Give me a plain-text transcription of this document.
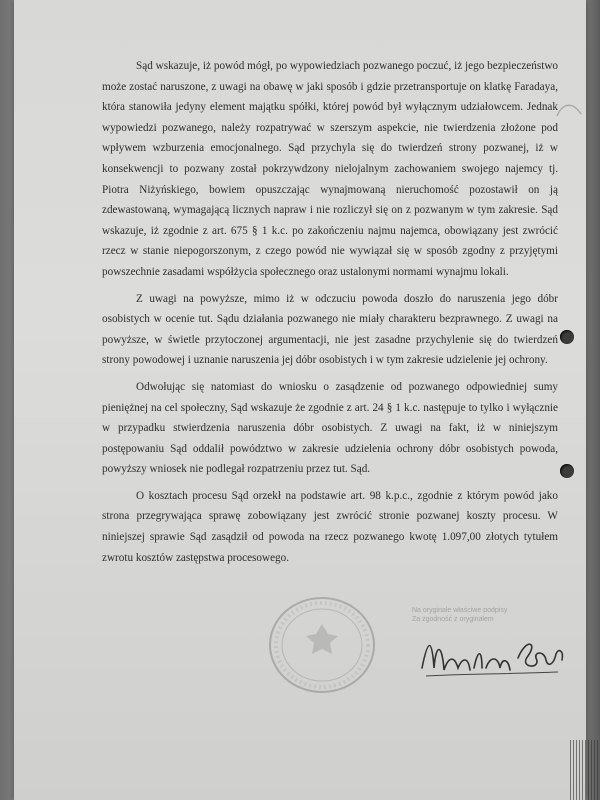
Sąd wskazuje, iż powód mógł, po wypowiedziach pozwanego poczuć, iż jego bezpieczeństwo może zostać naruszone, z uwagi na obawę w jaki sposób i gdzie przetransportuje on klatkę Faradaya, która stanowiła jedyny element majątku spółki, której powód był wyłącznym udziałowcem. Jednak wypowiedzi pozwanego, należy rozpatrywać w szerszym aspekcie, nie twierdzenia złożone pod wpływem wzburzenia emocjonalnego. Sąd przychyla się do twierdzeń strony pozwanej, iż w konsekwencji to pozwany został pokrzywdzony nielojalnym zachowaniem swojego najemcy tj. Piotra Niżyńskiego, bowiem opuszczając wynajmowaną nieruchomość pozostawił on ją zdewastowaną, wymagającą licznych napraw i nie rozliczył się on z pozwanym w tym zakresie. Sąd wskazuje, iż zgodnie z art. 675 § 1 k.c. po zakończeniu najmu najemca, obowiązany jest zwrócić rzecz w stanie niepogorszonym, z czego powód nie wywiązał się w sposób zgodny z przyjętymi powszechnie zasadami współżycia społecznego oraz ustalonymi normami wynajmu lokali.

Z uwagi na powyższe, mimo iż w odczuciu powoda doszło do naruszenia jego dóbr osobistych w ocenie tut. Sądu działania pozwanego nie miały charakteru bezprawnego. Z uwagi na powyższe, w świetle przytoczonej argumentacji, nie jest zasadne przychylenie się do twierdzeń strony powodowej i uznanie naruszenia jej dóbr osobistych i w tym zakresie udzielenie jej ochrony.

Odwołując się natomiast do wniosku o zasądzenie od pozwanego odpowiedniej sumy pieniężnej na cel społeczny, Sąd wskazuje że zgodnie z art. 24 § 1 k.c. następuje to tylko i wyłącznie w przypadku stwierdzenia naruszenia dóbr osobistych. Z uwagi na fakt, iż w niniejszym postępowaniu Sąd oddalił powództwo w zakresie udzielenia ochrony dóbr osobistych powoda, powyższy wniosek nie podlegał rozpatrzeniu przez tut. Sąd.

O kosztach procesu Sąd orzekł na podstawie art. 98 k.p.c., zgodnie z którym powód jako strona przegrywająca sprawę zobowiązany jest zwrócić stronie pozwanej koszty procesu. W niniejszej sprawie Sąd zasądził od powoda na rzecz pozwanego kwotę 1.097,00 złotych tytułem zwrotu kosztów zastępstwa procesowego.

Na oryginale właściwe podpisy
Za zgodność z oryginałem
